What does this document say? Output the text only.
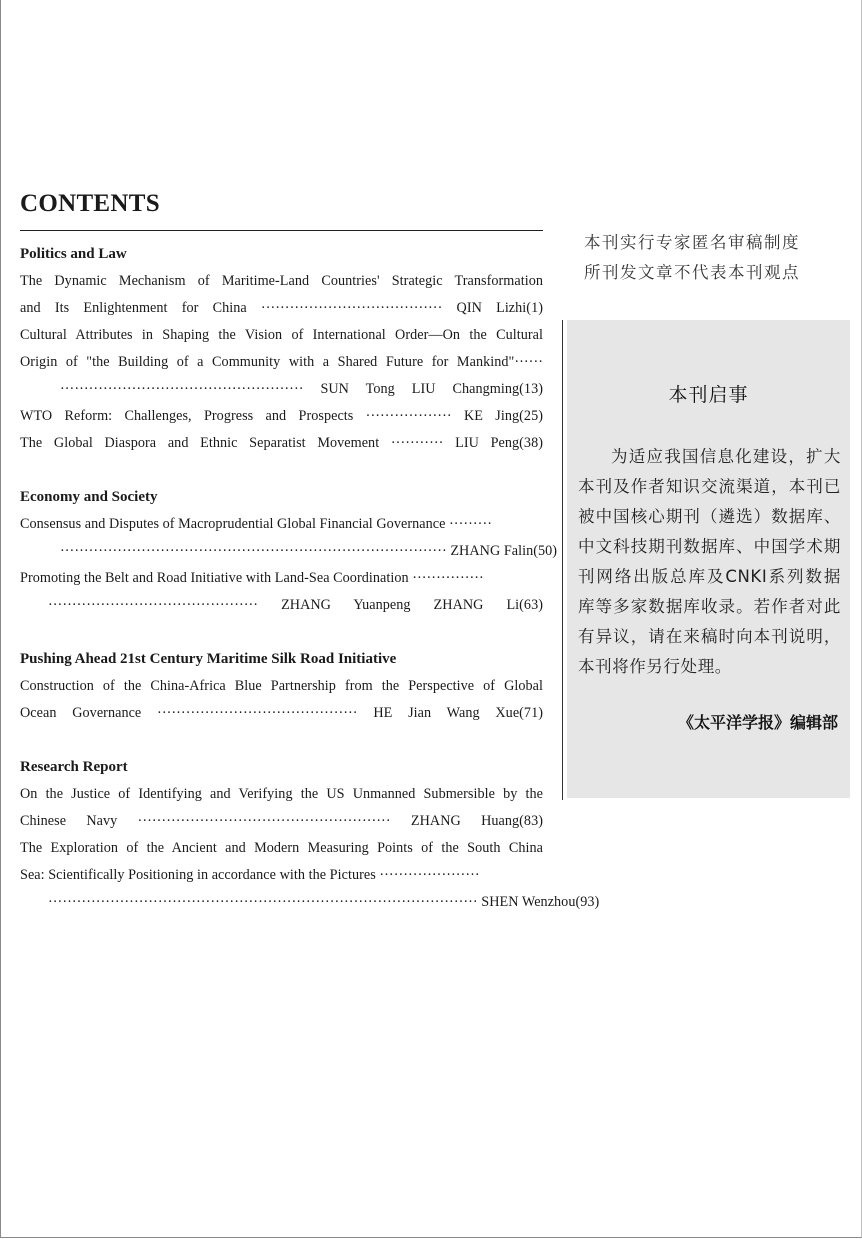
CONTENTS
Politics and Law
The Dynamic Mechanism of Maritime-Land Countries' Strategic Transformation
and Its Enlightenment for China ······································ QIN Lizhi(1)
Cultural Attributes in Shaping the Vision of International Order—On the Cultural
Origin of "the Building of a Community with a Shared Future for Mankind"······
··················································· SUN Tong LIU Changming(13)
WTO Reform: Challenges, Progress and Prospects ·················· KE Jing(25)
The Global Diaspora and Ethnic Separatist Movement ··········· LIU Peng(38)
Economy and Society
Consensus and Disputes of Macroprudential Global Financial Governance ·········
················································································· ZHANG Falin(50)
Promoting the Belt and Road Initiative with Land-Sea Coordination ···············
············································ ZHANG Yuanpeng ZHANG Li(63)
Pushing Ahead 21st Century Maritime Silk Road Initiative
Construction of the China-Africa Blue Partnership from the Perspective of Global
Ocean Governance ·········································· HE Jian Wang Xue(71)
Research Report
On the Justice of Identifying and Verifying the US Unmanned Submersible by the
Chinese Navy ····················································· ZHANG Huang(83)
The Exploration of the Ancient and Modern Measuring Points of the South China
Sea: Scientifically Positioning in accordance with the Pictures ·····················
·························································································· SHEN Wenzhou(93)
本刊实行专家匿名审稿制度
所刊发文章不代表本刊观点
本刊启事
为适应我国信息化建设，扩大本刊及作者知识交流渠道，本刊已被中国核心期刊（遴选）数据库、中文科技期刊数据库、中国学术期刊网络出版总库及CNKI系列数据库等多家数据库收录。若作者对此有异议，请在来稿时向本刊说明，本刊将作另行处理。
《太平洋学报》编辑部
